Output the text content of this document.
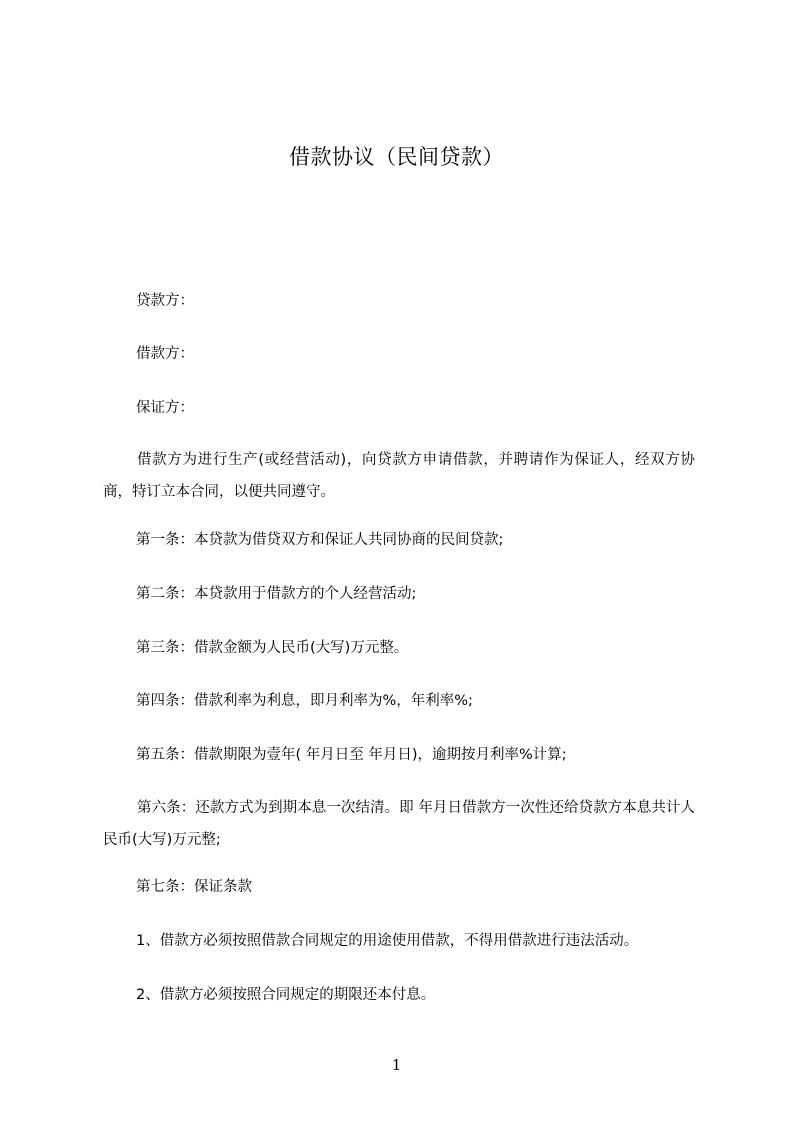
借款协议（民间贷款）
贷款方：
借款方：
保证方：
借款方为进行生产(或经营活动)，向贷款方申请借款，并聘请作为保证人，经双方协商，特订立本合同，以便共同遵守。
第一条：本贷款为借贷双方和保证人共同协商的民间贷款;
第二条：本贷款用于借款方的个人经营活动;
第三条：借款金额为人民币(大写)万元整。
第四条：借款利率为利息，即月利率为%，年利率%;
第五条：借款期限为壹年( 年月日至 年月日)，逾期按月利率%计算;
第六条：还款方式为到期本息一次结清。即 年月日借款方一次性还给贷款方本息共计人民币(大写)万元整;
第七条：保证条款
1、借款方必须按照借款合同规定的用途使用借款，不得用借款进行违法活动。
2、借款方必须按照合同规定的期限还本付息。
1
